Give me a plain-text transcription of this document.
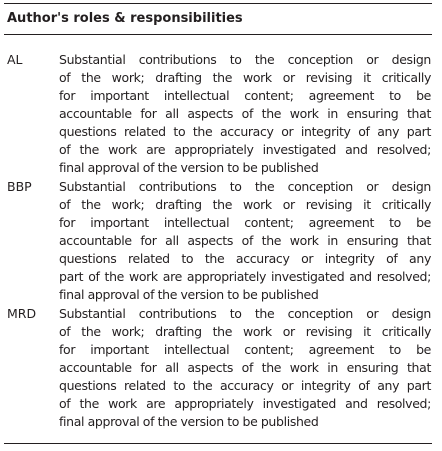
Author's roles & responsibilities
AL	Substantial contributions to the conception or design
of the work; drafting the work or revising it critically
for important intellectual content; agreement to be
accountable for all aspects of the work in ensuring that
questions related to the accuracy or integrity of any part
of the work are appropriately investigated and resolved;
final approval of the version to be published
BBP Substantial contributions to the conception or design
of the work; drafting the work or revising it critically
for important intellectual content; agreement to be
accountable for all aspects of the work in ensuring that
questions related to the accuracy or integrity of any
part of the work are appropriately investigated and resolved;
final approval of the version to be published
MRD Substantial contributions to the conception or design
of the work; drafting the work or revising it critically
for important intellectual content; agreement to be
accountable for all aspects of the work in ensuring that
questions related to the accuracy or integrity of any part
of the work are appropriately investigated and resolved;
final approval of the version to be published
